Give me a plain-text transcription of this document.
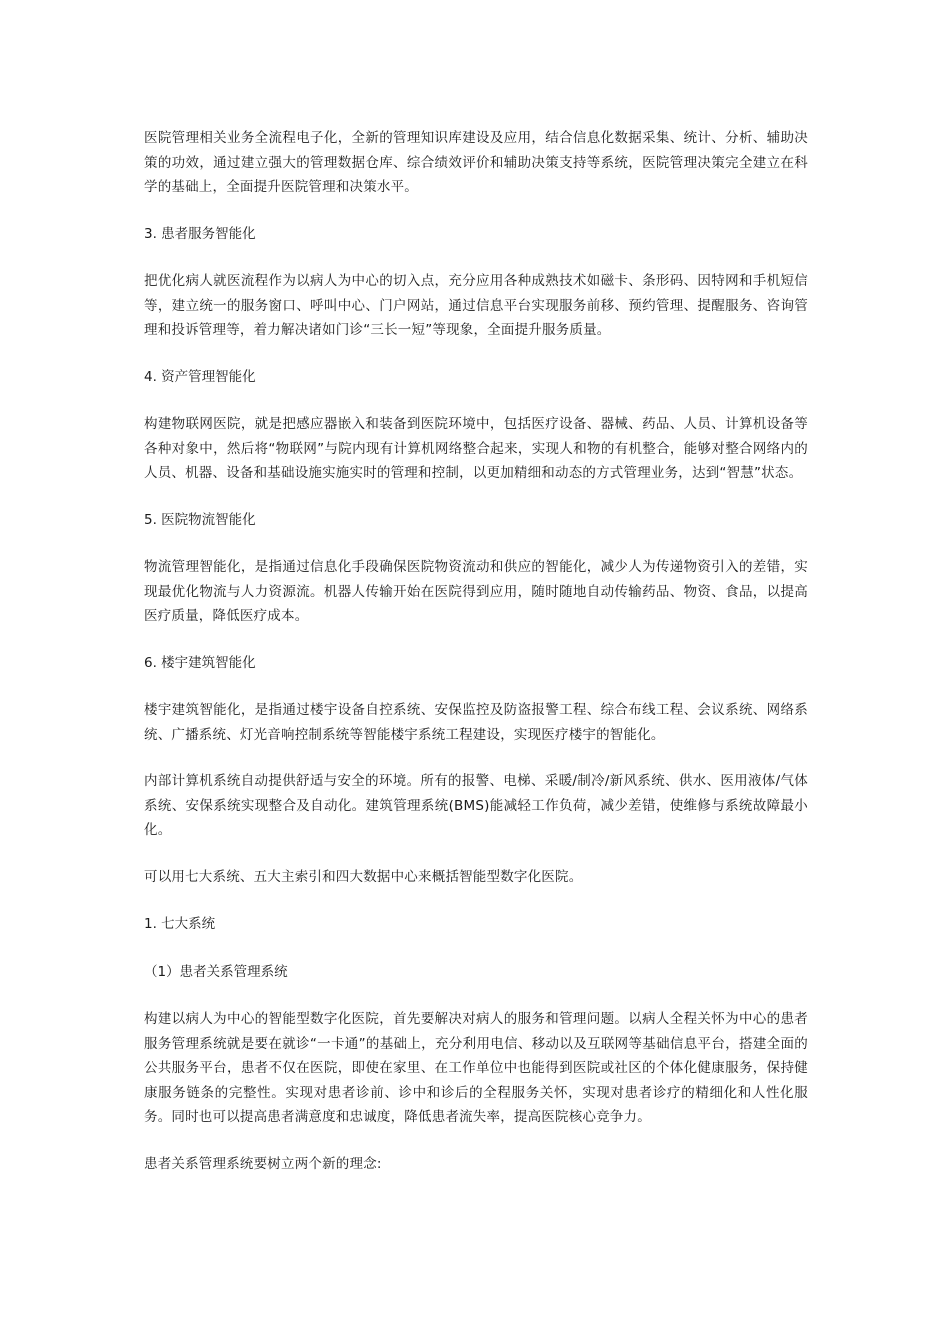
医院管理相关业务全流程电子化，全新的管理知识库建设及应用，结合信息化数据采集、统计、分析、辅助决策的功效，通过建立强大的管理数据仓库、综合绩效评价和辅助决策支持等系统，医院管理决策完全建立在科学的基础上，全面提升医院管理和决策水平。

3. 患者服务智能化

把优化病人就医流程作为以病人为中心的切入点，充分应用各种成熟技术如磁卡、条形码、因特网和手机短信等，建立统一的服务窗口、呼叫中心、门户网站，通过信息平台实现服务前移、预约管理、提醒服务、咨询管理和投诉管理等，着力解决诸如门诊“三长一短”等现象，全面提升服务质量。

4. 资产管理智能化

构建物联网医院，就是把感应器嵌入和装备到医院环境中，包括医疗设备、器械、药品、人员、计算机设备等各种对象中，然后将“物联网”与院内现有计算机网络整合起来，实现人和物的有机整合，能够对整合网络内的人员、机器、设备和基础设施实施实时的管理和控制，以更加精细和动态的方式管理业务，达到“智慧”状态。

5. 医院物流智能化

物流管理智能化，是指通过信息化手段确保医院物资流动和供应的智能化，减少人为传递物资引入的差错，实现最优化物流与人力资源流。机器人传输开始在医院得到应用，随时随地自动传输药品、物资、食品，以提高医疗质量，降低医疗成本。

6. 楼宇建筑智能化

楼宇建筑智能化，是指通过楼宇设备自控系统、安保监控及防盗报警工程、综合布线工程、会议系统、网络系统、广播系统、灯光音响控制系统等智能楼宇系统工程建设，实现医疗楼宇的智能化。

内部计算机系统自动提供舒适与安全的环境。所有的报警、电梯、采暖/制冷/新风系统、供水、医用液体/气体系统、安保系统实现整合及自动化。建筑管理系统(BMS)能减轻工作负荷，减少差错，使维修与系统故障最小化。

可以用七大系统、五大主索引和四大数据中心来概括智能型数字化医院。

1. 七大系统

（1）患者关系管理系统

构建以病人为中心的智能型数字化医院，首先要解决对病人的服务和管理问题。以病人全程关怀为中心的患者服务管理系统就是要在就诊“一卡通”的基础上，充分利用电信、移动以及互联网等基础信息平台，搭建全面的公共服务平台，患者不仅在医院，即使在家里、在工作单位中也能得到医院或社区的个体化健康服务，保持健康服务链条的完整性。实现对患者诊前、诊中和诊后的全程服务关怀，实现对患者诊疗的精细化和人性化服务。同时也可以提高患者满意度和忠诚度，降低患者流失率，提高医院核心竞争力。

患者关系管理系统要树立两个新的理念:
